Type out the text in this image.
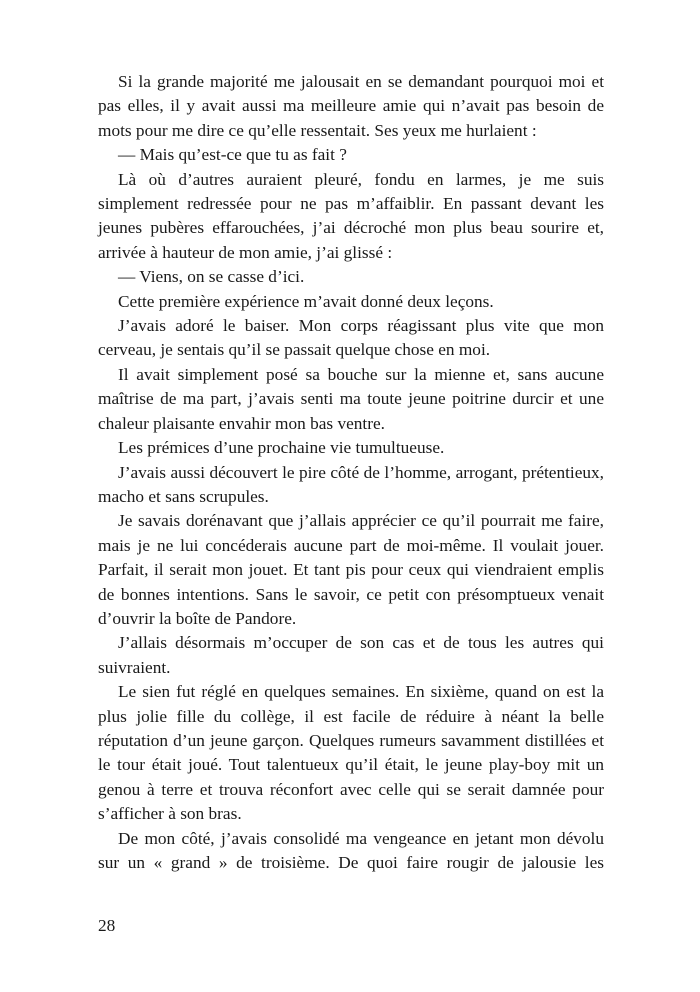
Si la grande majorité me jalousait en se demandant pourquoi moi et pas elles, il y avait aussi ma meilleure amie qui n’avait pas besoin de mots pour me dire ce qu’elle ressentait. Ses yeux me hurlaient :

— Mais qu’est-ce que tu as fait ?

Là où d’autres auraient pleuré, fondu en larmes, je me suis simplement redressée pour ne pas m’affaiblir. En passant devant les jeunes pubères effarouchées, j’ai décroché mon plus beau sourire et, arrivée à hauteur de mon amie, j’ai glissé :

— Viens, on se casse d’ici.

Cette première expérience m’avait donné deux leçons.

J’avais adoré le baiser. Mon corps réagissant plus vite que mon cerveau, je sentais qu’il se passait quelque chose en moi.

Il avait simplement posé sa bouche sur la mienne et, sans aucune maîtrise de ma part, j’avais senti ma toute jeune poitrine durcir et une chaleur plaisante envahir mon bas ventre.

Les prémices d’une prochaine vie tumultueuse.

J’avais aussi découvert le pire côté de l’homme, arrogant, prétentieux, macho et sans scrupules.

Je savais dorénavant que j’allais apprécier ce qu’il pourrait me faire, mais je ne lui concéderais aucune part de moi-même. Il voulait jouer. Parfait, il serait mon jouet. Et tant pis pour ceux qui viendraient emplis de bonnes intentions. Sans le savoir, ce petit con présomptueux venait d’ouvrir la boîte de Pandore.

J’allais désormais m’occuper de son cas et de tous les autres qui suivraient.

Le sien fut réglé en quelques semaines. En sixième, quand on est la plus jolie fille du collège, il est facile de réduire à néant la belle réputation d’un jeune garçon. Quelques rumeurs savamment distillées et le tour était joué. Tout talentueux qu’il était, le jeune play-boy mit un genou à terre et trouva réconfort avec celle qui se serait damnée pour s’afficher à son bras.

De mon côté, j’avais consolidé ma vengeance en jetant mon dévolu sur un « grand » de troisième. De quoi faire rougir de jalousie les

28
